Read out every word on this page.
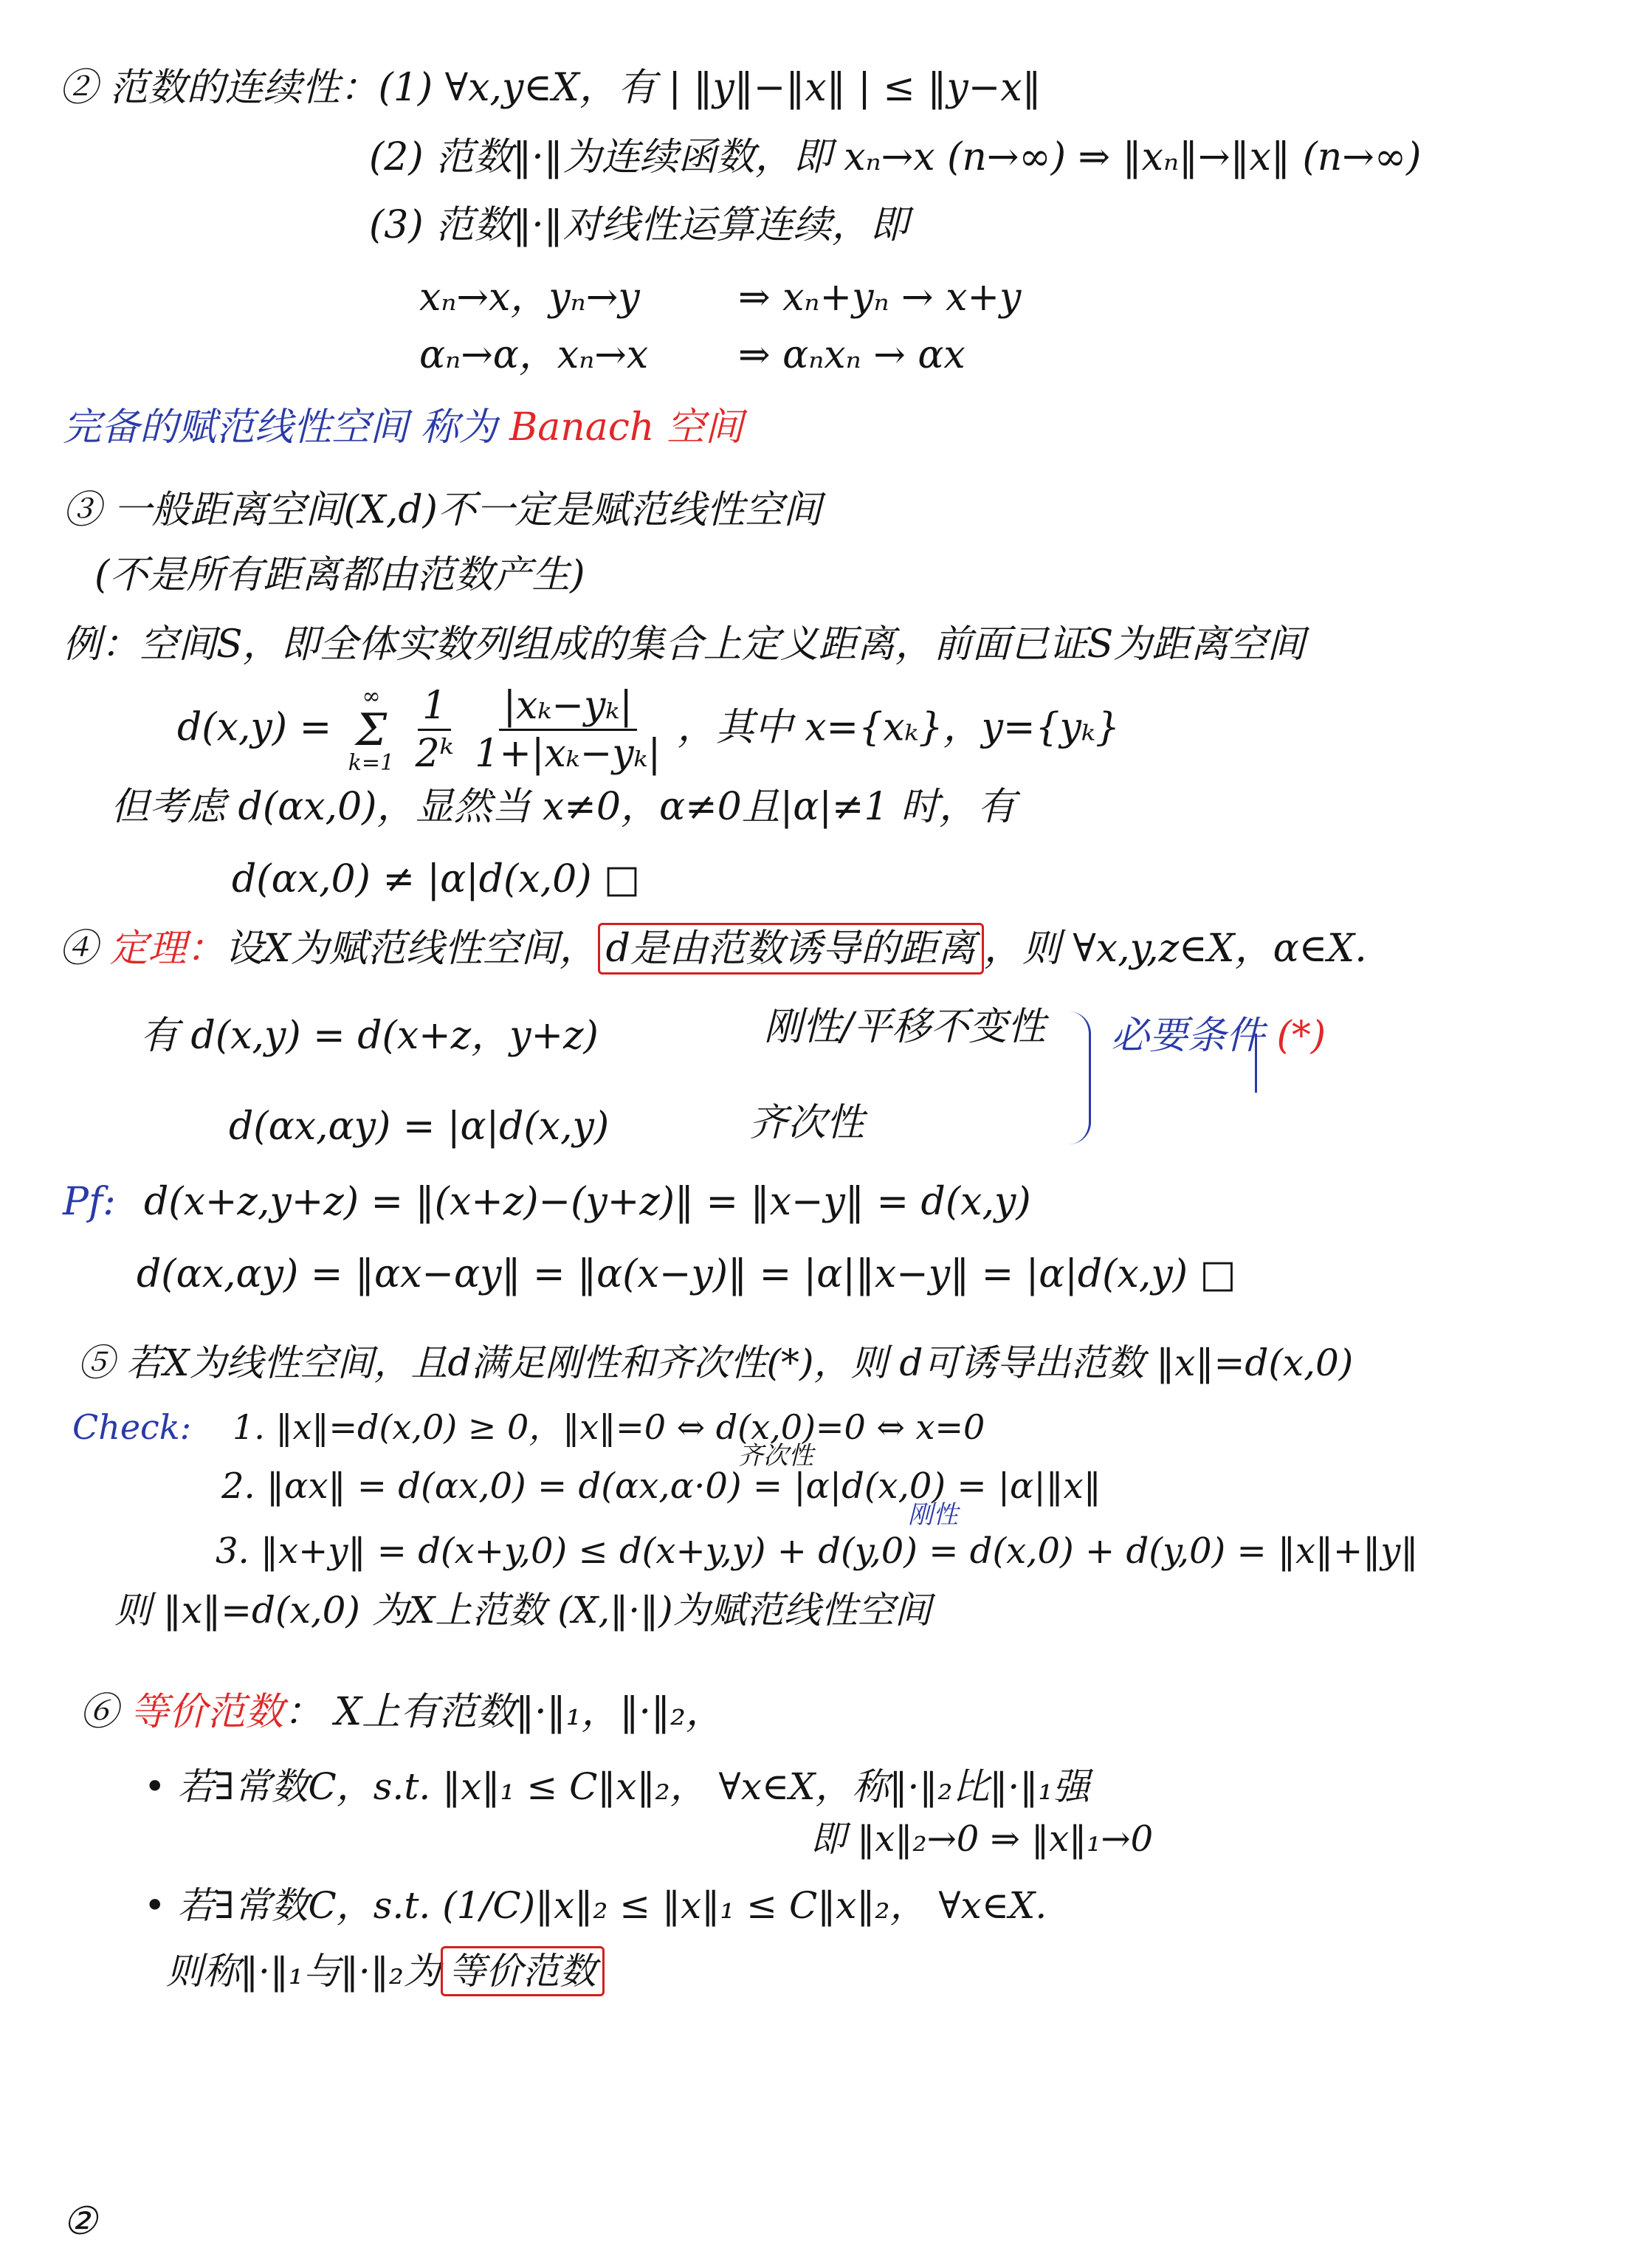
② 范数的连续性：(1) ∀x,y∈X，有 | ‖y‖−‖x‖ | ≤ ‖y−x‖
(2) 范数‖·‖为连续函数，即 xₙ→x (n→∞) ⇒ ‖xₙ‖→‖x‖ (n→∞)
(3) 范数‖·‖对线性运算连续，即
xₙ→x，yₙ→y	⇒ xₙ+yₙ → x+y
αₙ→α，xₙ→x ⇒ αₙxₙ → αx
完备的赋范线性空间 称为 Banach 空间
③ 一般距离空间(X,d)不一定是赋范线性空间
(不是所有距离都由范数产生)
例：空间S，即全体实数列组成的集合上定义距离，前面已证S为距离空间
d(x,y) =
∞
Σ
k=1
$\frac{1}{\text{2ᵏ}}$
$\frac{\text{|xₖ−yₖ|}}{\text{1+|xₖ−yₖ|}}$ ，其中 x={xₖ}，y={yₖ}
但考虑 d(αx,0)，显然当 x≠0，α≠0且|α|≠1 时，有
d(αx,0) ≠ |α|d(x,0) □
④ 定理：设X为赋范线性空间， d是由范数诱导的距离 ，则 ∀x,y,z∈X，α∈X.
有 d(x,y) = d(x+z，y+z)	刚性/平移不变性
d(αx,αy) = |α|d(x,y)	齐次性
必要条件 (*)
Pf: d(x+z,y+z) = ‖(x+z)−(y+z)‖ = ‖x−y‖ = d(x,y)
d(αx,αy) = ‖αx−αy‖ = ‖α(x−y)‖ = |α|‖x−y‖ = |α|d(x,y) □
⑤ 若X为线性空间，且d满足刚性和齐次性(*)，则 d可诱导出范数 ‖x‖=d(x,0)
Check: 1. ‖x‖=d(x,0) ≥ 0，‖x‖=0 ⇔ d(x,0)=0 ⇔ x=0
齐次性
2. ‖αx‖ = d(αx,0) = d(αx,α·0) = |α|d(x,0) = |α|‖x‖
刚性
3. ‖x+y‖ = d(x+y,0) ≤ d(x+y,y) + d(y,0) = d(x,0) + d(y,0) = ‖x‖+‖y‖
则 ‖x‖=d(x,0) 为X上范数 (X,‖·‖)为赋范线性空间
⑥ 等价范数： X上有范数‖·‖₁，‖·‖₂，
• 若∃常数C，s.t. ‖x‖₁ ≤ C‖x‖₂， ∀x∈X，称‖·‖₂比‖·‖₁强
即 ‖x‖₂→0 ⇒ ‖x‖₁→0
• 若∃常数C，s.t. (1/C)‖x‖₂ ≤ ‖x‖₁ ≤ C‖x‖₂， ∀x∈X.
则称‖·‖₁与‖·‖₂为 等价范数
②
